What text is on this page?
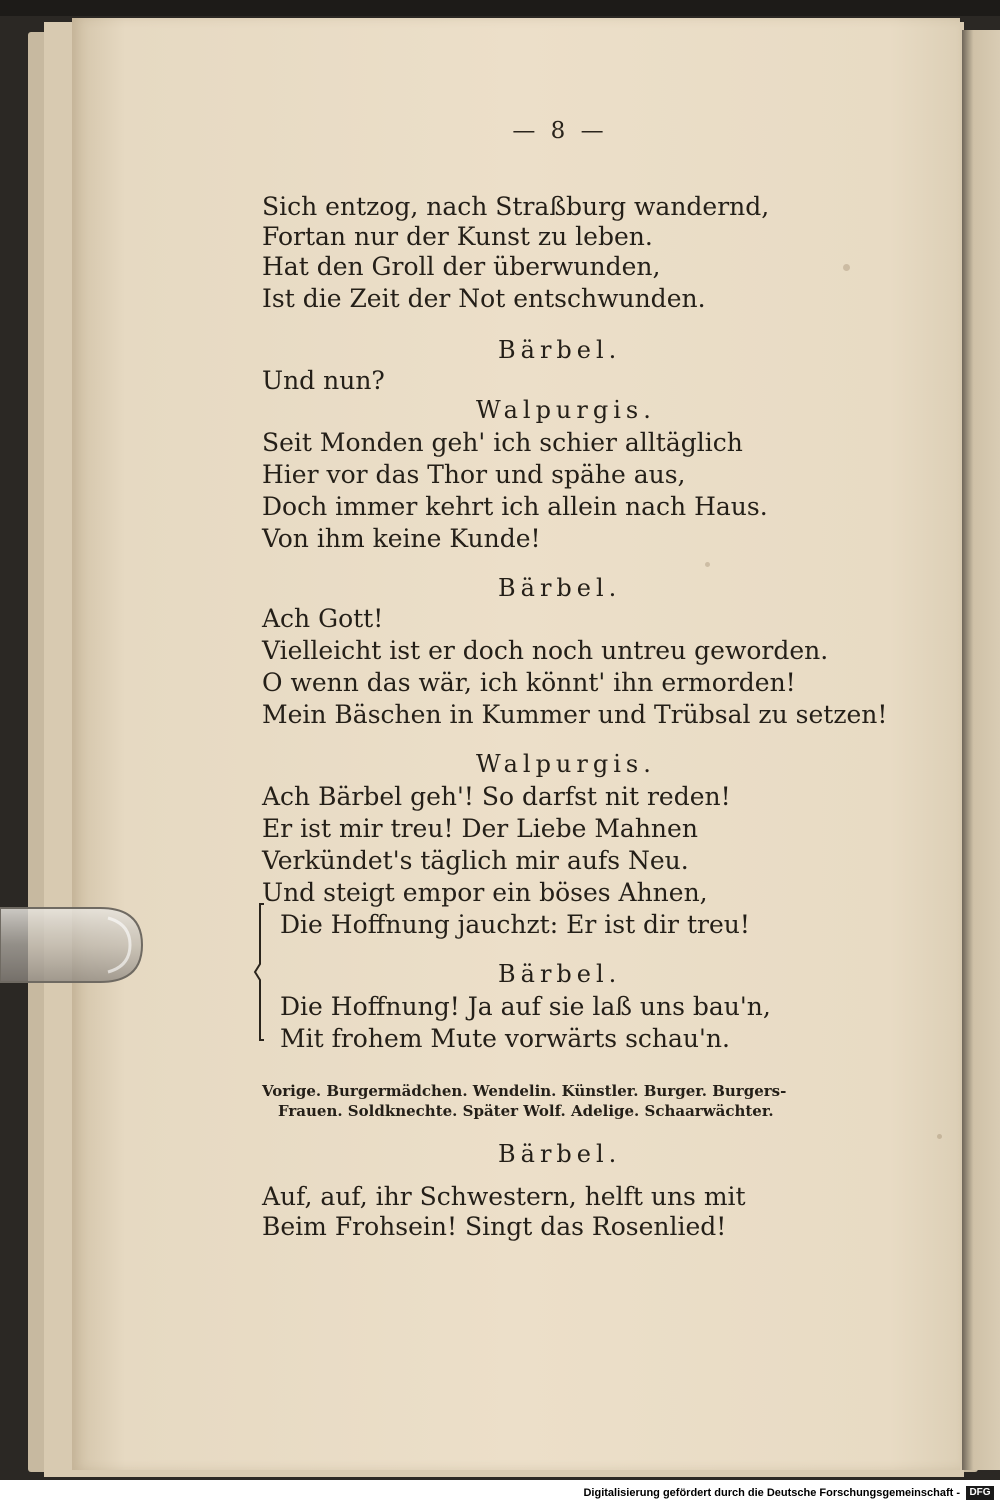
— 8 —
Sich entzog, nach Straßburg wandernd,
Fortan nur der Kunst zu leben.
Hat den Groll der überwunden,
Ist die Zeit der Not entschwunden.
Bärbel.
Und nun?
Walpurgis.
Seit Monden geh' ich schier alltäglich
Hier vor das Thor und spähe aus,
Doch immer kehrt ich allein nach Haus.
Von ihm keine Kunde!
Bärbel.
Ach Gott!
Vielleicht ist er doch noch untreu geworden.
O wenn das wär, ich könnt' ihn ermorden!
Mein Bäschen in Kummer und Trübsal zu setzen!
Walpurgis.
Ach Bärbel geh'! So darfst nit reden!
Er ist mir treu! Der Liebe Mahnen
Verkündet's täglich mir aufs Neu.
Und steigt empor ein böses Ahnen,
Die Hoffnung jauchzt: Er ist dir treu!
Bärbel.
Die Hoffnung! Ja auf sie laß uns bau'n,
Mit frohem Mute vorwärts schau'n.
Vorige. Burgermädchen. Wendelin. Künstler. Burger. Burgers-
Frauen. Soldknechte. Später Wolf. Adelige. Schaarwächter.
Bärbel.
Auf, auf, ihr Schwestern, helft uns mit
Beim Frohsein! Singt das Rosenlied!
Digitalisierung gefördert durch die Deutsche Forschungsgemeinschaft - DFG
